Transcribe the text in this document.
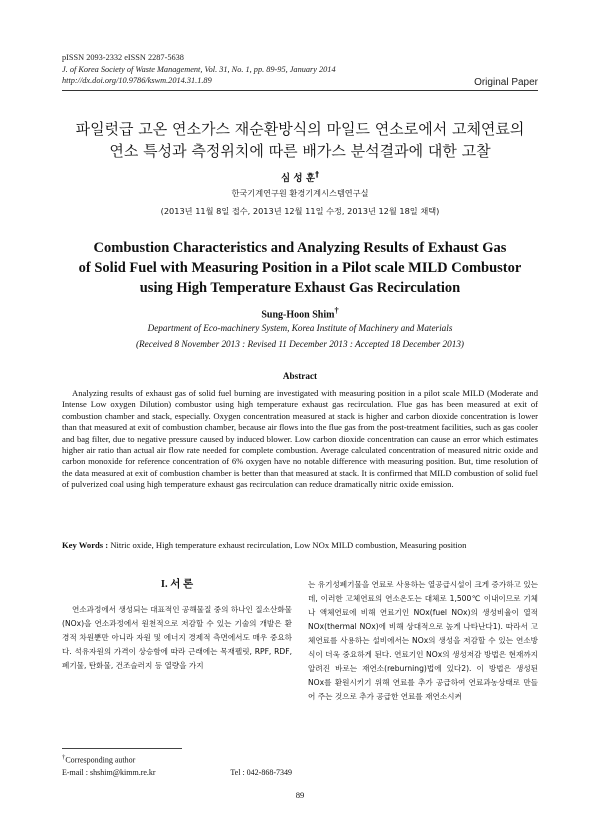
pISSN 2093-2332 eISSN 2287-5638
J. of Korea Society of Waste Management, Vol. 31, No. 1, pp. 89-95, January 2014
http://dx.doi.org/10.9786/kswm.2014.31.1.89	Original Paper
파일럿급 고온 연소가스 재순환방식의 마일드 연소로에서 고체연료의
연소 특성과 측정위치에 따른 배가스 분석결과에 대한 고찰
심 성 훈†
한국기계연구원 환경기계시스템연구실
(2013년 11월 8일 접수, 2013년 12월 11일 수정, 2013년 12월 18일 채택)
Combustion Characteristics and Analyzing Results of Exhaust Gas
of Solid Fuel with Measuring Position in a Pilot scale MILD Combustor
using High Temperature Exhaust Gas Recirculation
Sung-Hoon Shim†
Department of Eco-machinery System, Korea Institute of Machinery and Materials
(Received 8 November 2013 : Revised 11 December 2013 : Accepted 18 December 2013)
Abstract
Analyzing results of exhaust gas of solid fuel burning are investigated with measuring position in a pilot scale MILD (Moderate and Intense Low oxygen Dilution) combustor using high temperature exhaust gas recirculation. Flue gas has been measured at exit of combustion chamber and stack, especially. Oxygen concentration measured at stack is higher and carbon dioxide concentration is lower than that measured at exit of combustion chamber, because air flows into the flue gas from the post-treatment facilities, such as gas cooler and bag filter, due to negative pressure caused by induced blower. Low carbon dioxide concentration can cause an error which estimates higher air ratio than actual air flow rate needed for complete combustion. Average calculated concentration of measured nitric oxide and carbon monoxide for reference concentration of 6% oxygen have no notable difference with measuring position. But, time resolution of the data measured at exit of combustion chamber is better than that measured at stack. It is confirmed that MILD combustion of solid fuel of pulverized coal using high temperature exhaust gas recirculation can reduce dramatically nitric oxide emission.
Key Words : Nitric oxide, High temperature exhaust recirculation, Low NOx MILD combustion, Measuring position
I. 서 론

연소과정에서 생성되는 대표적인 공해물질 중의 하나인 질소산화물(NOx)을 연소과정에서 원천적으로 저감할 수 있는 기술의 개발은 환경적 차원뿐만 아니라 자원 및 에너지 경제적 측면에서도 매우 중요하다. 석유자원의 가격이 상승함에 따라 근래에는 목재펠릿, RPF, RDF, 폐기물, 탄화물, 건조슬러지 등 열량을 가지

는 유기성폐기물을 연료로 사용하는 열공급시설이 크게 증가하고 있는데, 이러한 고체연료의 연소온도는 대체로 1,500℃ 이내이므로 기체나 액체연료에 비해 연료기인 NOx(fuel NOx)의 생성비율이 열적 NOx(thermal NOx)에 비해 상대적으로 높게 나타난다1). 따라서 고체연료를 사용하는 설비에서는 NOx의 생성을 저감할 수 있는 연소방식이 더욱 중요하게 된다. 연료기인 NOx의 생성저감 방법은 현재까지 알려진 바로는 재연소(reburning)법에 있다2). 이 방법은 생성된 NOx를 환원시키기 위해 연료를 추가 공급하여 연료과농상태로 만들어 주는 것으로 추가 공급한 연료를 재연소시켜

†Corresponding author
E-mail : shshim@kimm.re.kr	Tel : 042-868-7349
89
